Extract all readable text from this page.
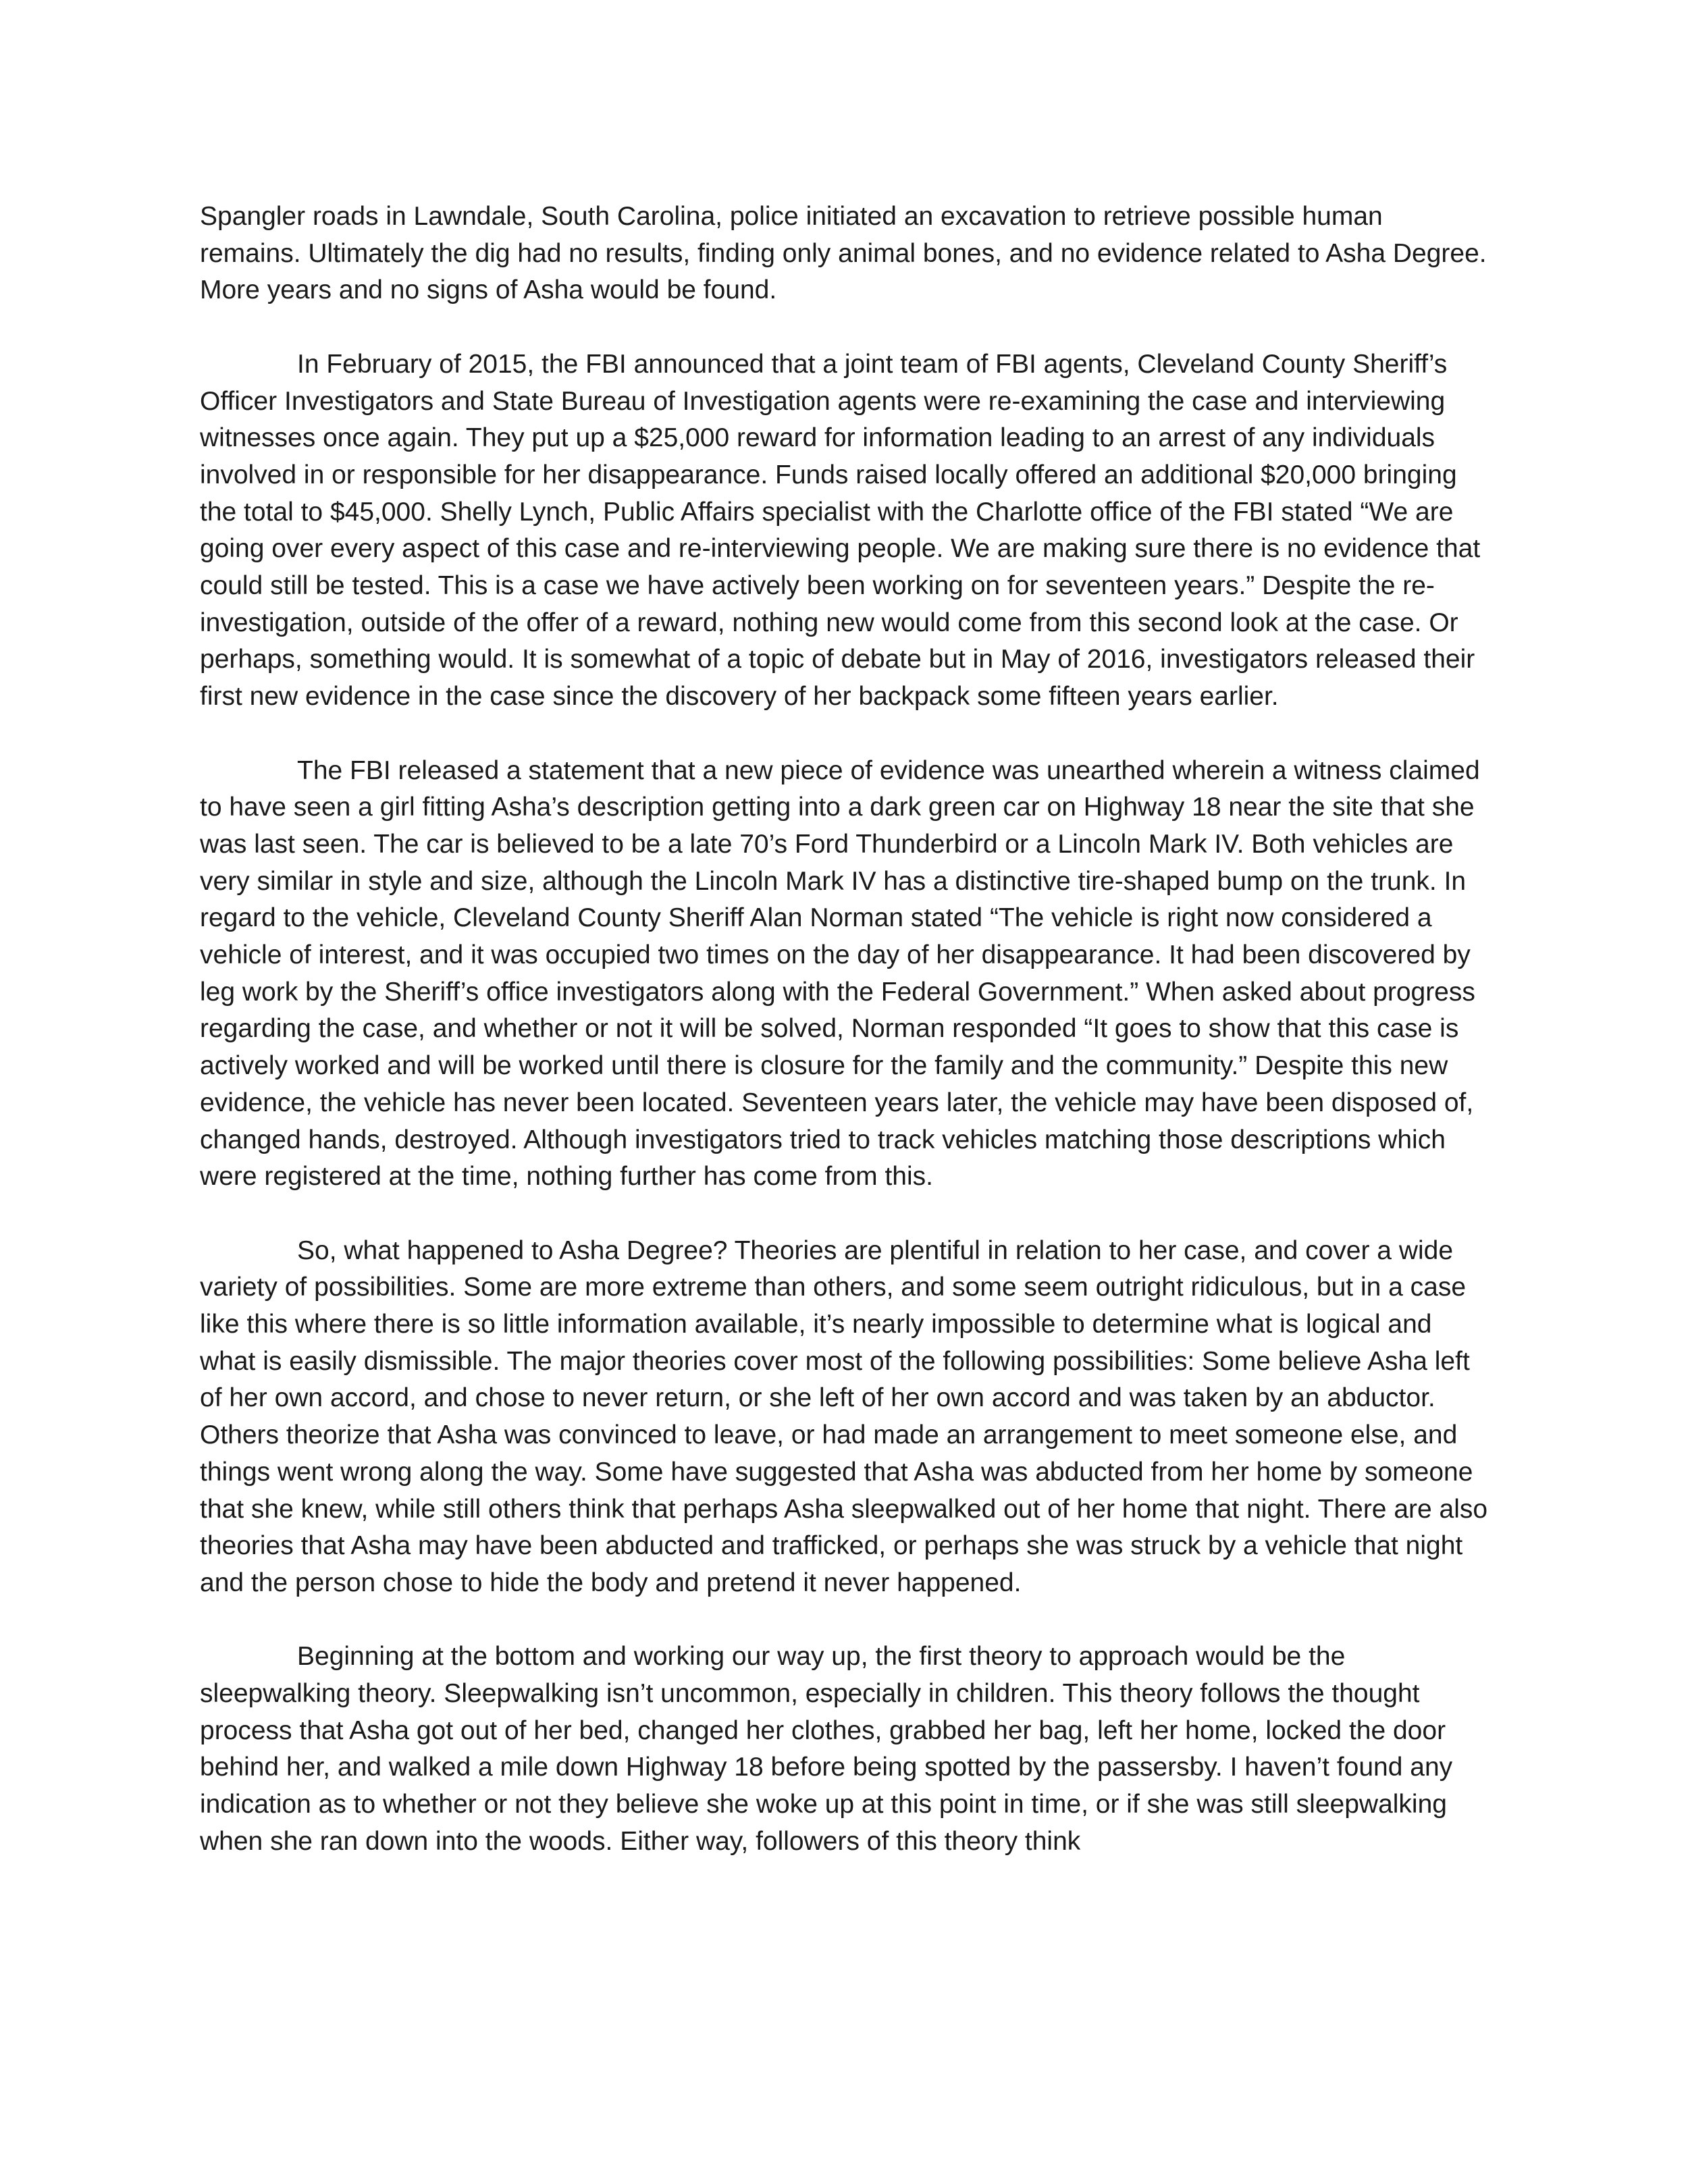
Spangler roads in Lawndale, South Carolina, police initiated an excavation to retrieve possible human remains. Ultimately the dig had no results, finding only animal bones, and no evidence related to Asha Degree. More years and no signs of Asha would be found.

In February of 2015, the FBI announced that a joint team of FBI agents, Cleveland County Sheriff’s Officer Investigators and State Bureau of Investigation agents were re-examining the case and interviewing witnesses once again. They put up a $25,000 reward for information leading to an arrest of any individuals involved in or responsible for her disappearance. Funds raised locally offered an additional $20,000 bringing the total to $45,000. Shelly Lynch, Public Affairs specialist with the Charlotte office of the FBI stated “We are going over every aspect of this case and re-interviewing people. We are making sure there is no evidence that could still be tested. This is a case we have actively been working on for seventeen years.” Despite the re-investigation, outside of the offer of a reward, nothing new would come from this second look at the case. Or perhaps, something would. It is somewhat of a topic of debate but in May of 2016, investigators released their first new evidence in the case since the discovery of her backpack some fifteen years earlier.

The FBI released a statement that a new piece of evidence was unearthed wherein a witness claimed to have seen a girl fitting Asha’s description getting into a dark green car on Highway 18 near the site that she was last seen. The car is believed to be a late 70’s Ford Thunderbird or a Lincoln Mark IV. Both vehicles are very similar in style and size, although the Lincoln Mark IV has a distinctive tire-shaped bump on the trunk. In regard to the vehicle, Cleveland County Sheriff Alan Norman stated “The vehicle is right now considered a vehicle of interest, and it was occupied two times on the day of her disappearance. It had been discovered by leg work by the Sheriff’s office investigators along with the Federal Government.” When asked about progress regarding the case, and whether or not it will be solved, Norman responded “It goes to show that this case is actively worked and will be worked until there is closure for the family and the community.” Despite this new evidence, the vehicle has never been located. Seventeen years later, the vehicle may have been disposed of, changed hands, destroyed. Although investigators tried to track vehicles matching those descriptions which were registered at the time, nothing further has come from this.

So, what happened to Asha Degree? Theories are plentiful in relation to her case, and cover a wide variety of possibilities. Some are more extreme than others, and some seem outright ridiculous, but in a case like this where there is so little information available, it’s nearly impossible to determine what is logical and what is easily dismissible. The major theories cover most of the following possibilities: Some believe Asha left of her own accord, and chose to never return, or she left of her own accord and was taken by an abductor. Others theorize that Asha was convinced to leave, or had made an arrangement to meet someone else, and things went wrong along the way. Some have suggested that Asha was abducted from her home by someone that she knew, while still others think that perhaps Asha sleepwalked out of her home that night. There are also theories that Asha may have been abducted and trafficked, or perhaps she was struck by a vehicle that night and the person chose to hide the body and pretend it never happened.

Beginning at the bottom and working our way up, the first theory to approach would be the sleepwalking theory. Sleepwalking isn’t uncommon, especially in children. This theory follows the thought process that Asha got out of her bed, changed her clothes, grabbed her bag, left her home, locked the door behind her, and walked a mile down Highway 18 before being spotted by the passersby. I haven’t found any indication as to whether or not they believe she woke up at this point in time, or if she was still sleepwalking when she ran down into the woods. Either way, followers of this theory think
